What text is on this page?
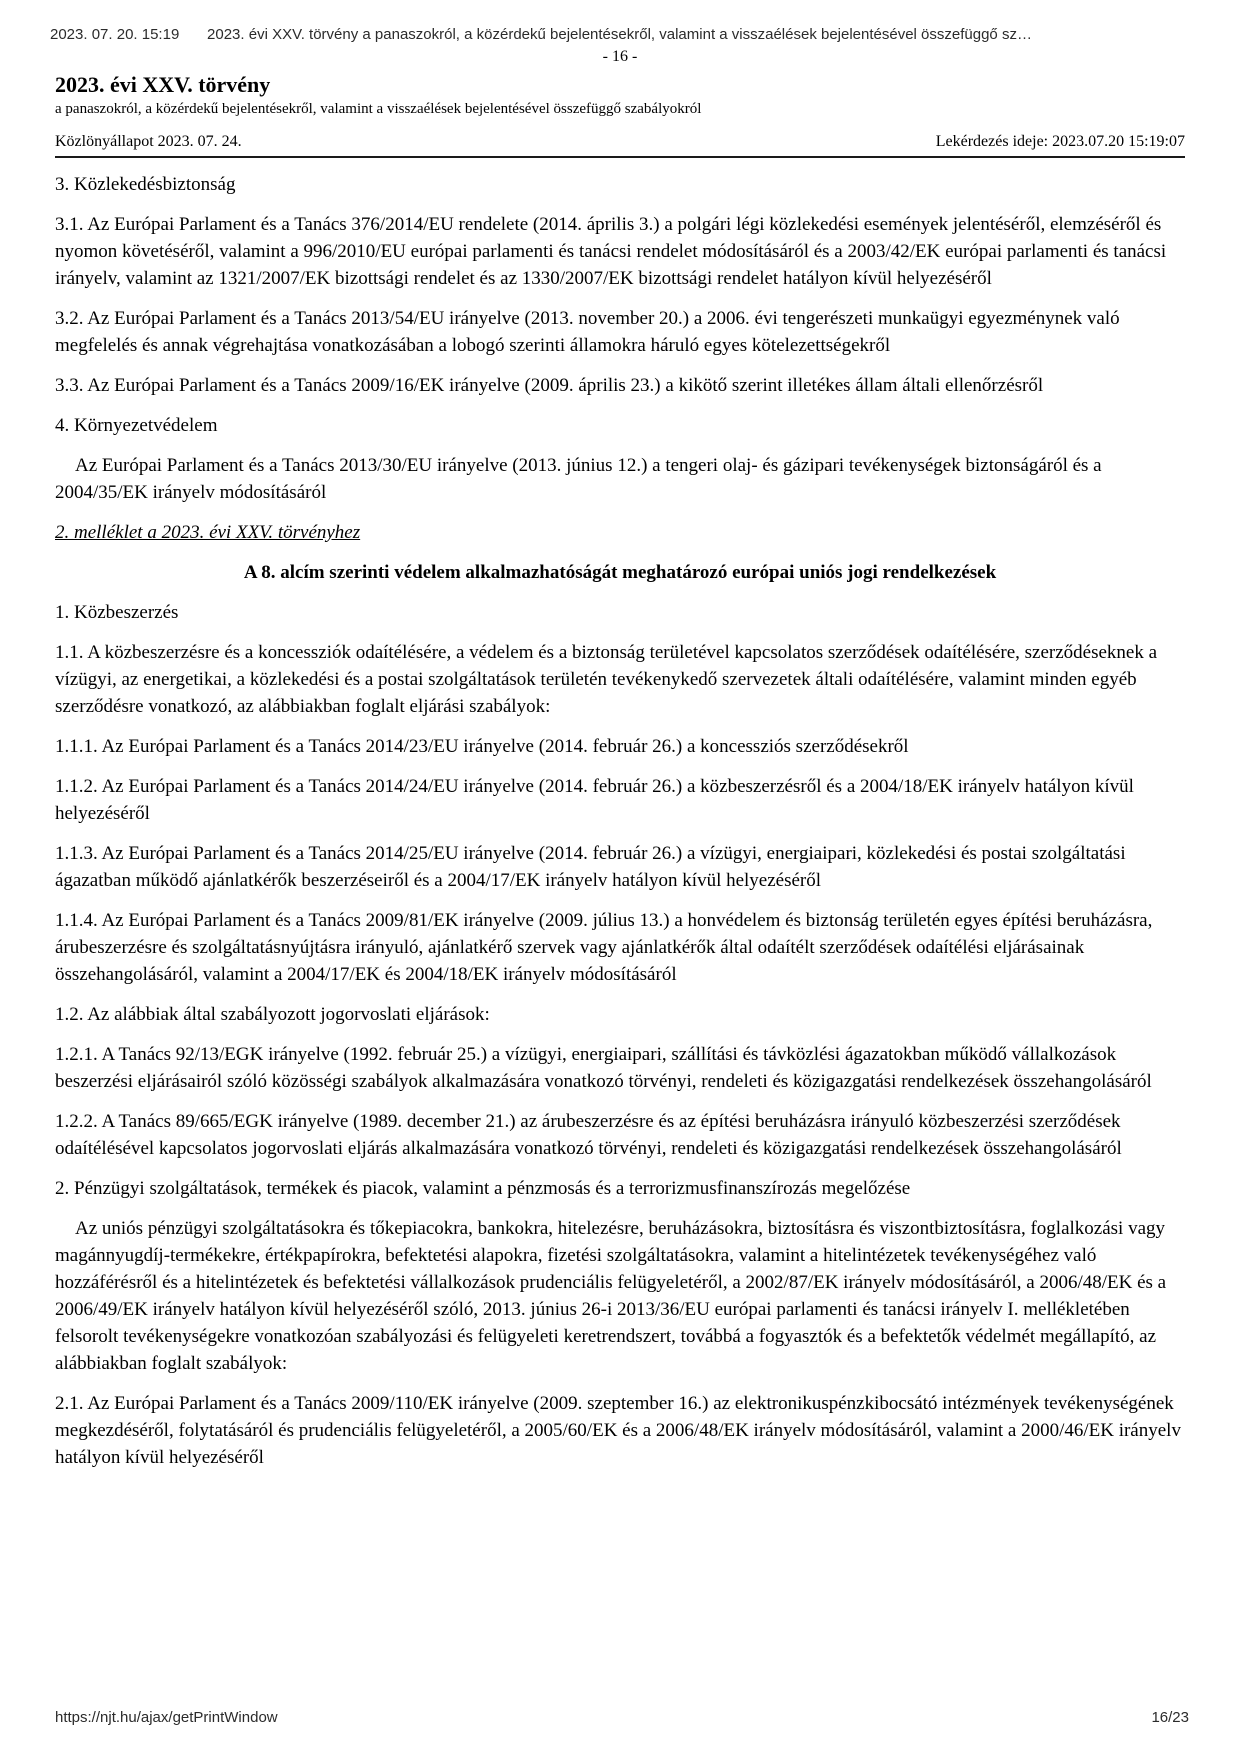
2023. évi XXV. törvény a panaszokról, a közérdekű bejelentésekről, valamint a visszaélések bejelentésével összefüggő sz…
2023. 07. 20. 15:19
- 16 -
2023. évi XXV. törvény
a panaszokról, a közérdekű bejelentésekről, valamint a visszaélések bejelentésével összefüggő szabályokról
Közlönyállapot 2023. 07. 24.	Lekérdezés ideje: 2023.07.20 15:19:07

3. Közlekedésbiztonság

3.1. Az Európai Parlament és a Tanács 376/2014/EU rendelete (2014. április 3.) a polgári légi közlekedési események jelentéséről, elemzéséről és nyomon követéséről, valamint a 996/2010/EU európai parlamenti és tanácsi rendelet módosításáról és a 2003/42/EK európai parlamenti és tanácsi irányelv, valamint az 1321/2007/EK bizottsági rendelet és az 1330/2007/EK bizottsági rendelet hatályon kívül helyezéséről

3.2. Az Európai Parlament és a Tanács 2013/54/EU irányelve (2013. november 20.) a 2006. évi tengerészeti munkaügyi egyezménynek való megfelelés és annak végrehajtása vonatkozásában a lobogó szerinti államokra háruló egyes kötelezettségekről

3.3. Az Európai Parlament és a Tanács 2009/16/EK irányelve (2009. április 23.) a kikötő szerint illetékes állam általi ellenőrzésről

4. Környezetvédelem

Az Európai Parlament és a Tanács 2013/30/EU irányelve (2013. június 12.) a tengeri olaj- és gázipari tevékenységek biztonságáról és a 2004/35/EK irányelv módosításáról

2. melléklet a 2023. évi XXV. törvényhez

A 8. alcím szerinti védelem alkalmazhatóságát meghatározó európai uniós jogi rendelkezések

1. Közbeszerzés

1.1. A közbeszerzésre és a koncessziók odaítélésére, a védelem és a biztonság területével kapcsolatos szerződések odaítélésére, szerződéseknek a vízügyi, az energetikai, a közlekedési és a postai szolgáltatások területén tevékenykedő szervezetek általi odaítélésére, valamint minden egyéb szerződésre vonatkozó, az alábbiakban foglalt eljárási szabályok:

1.1.1. Az Európai Parlament és a Tanács 2014/23/EU irányelve (2014. február 26.) a koncessziós szerződésekről

1.1.2. Az Európai Parlament és a Tanács 2014/24/EU irányelve (2014. február 26.) a közbeszerzésről és a 2004/18/EK irányelv hatályon kívül helyezéséről

1.1.3. Az Európai Parlament és a Tanács 2014/25/EU irányelve (2014. február 26.) a vízügyi, energiaipari, közlekedési és postai szolgáltatási ágazatban működő ajánlatkérők beszerzéseiről és a 2004/17/EK irányelv hatályon kívül helyezéséről

1.1.4. Az Európai Parlament és a Tanács 2009/81/EK irányelve (2009. július 13.) a honvédelem és biztonság területén egyes építési beruházásra, árubeszerzésre és szolgáltatásnyújtásra irányuló, ajánlatkérő szervek vagy ajánlatkérők által odaítélt szerződések odaítélési eljárásainak összehangolásáról, valamint a 2004/17/EK és 2004/18/EK irányelv módosításáról

1.2. Az alábbiak által szabályozott jogorvoslati eljárások:

1.2.1. A Tanács 92/13/EGK irányelve (1992. február 25.) a vízügyi, energiaipari, szállítási és távközlési ágazatokban működő vállalkozások beszerzési eljárásairól szóló közösségi szabályok alkalmazására vonatkozó törvényi, rendeleti és közigazgatási rendelkezések összehangolásáról

1.2.2. A Tanács 89/665/EGK irányelve (1989. december 21.) az árubeszerzésre és az építési beruházásra irányuló közbeszerzési szerződések odaítélésével kapcsolatos jogorvoslati eljárás alkalmazására vonatkozó törvényi, rendeleti és közigazgatási rendelkezések összehangolásáról

2. Pénzügyi szolgáltatások, termékek és piacok, valamint a pénzmosás és a terrorizmusfinanszírozás megelőzése

Az uniós pénzügyi szolgáltatásokra és tőkepiacokra, bankokra, hitelezésre, beruházásokra, biztosításra és viszontbiztosításra, foglalkozási vagy magánnyugdíj-termékekre, értékpapírokra, befektetési alapokra, fizetési szolgáltatásokra, valamint a hitelintézetek tevékenységéhez való hozzáférésről és a hitelintézetek és befektetési vállalkozások prudenciális felügyeletéről, a 2002/87/EK irányelv módosításáról, a 2006/48/EK és a 2006/49/EK irányelv hatályon kívül helyezéséről szóló, 2013. június 26-i 2013/36/EU európai parlamenti és tanácsi irányelv I. mellékletében felsorolt tevékenységekre vonatkozóan szabályozási és felügyeleti keretrendszert, továbbá a fogyasztók és a befektetők védelmét megállapító, az alábbiakban foglalt szabályok:

2.1. Az Európai Parlament és a Tanács 2009/110/EK irányelve (2009. szeptember 16.) az elektronikuspénzkibocsátó intézmények tevékenységének megkezdéséről, folytatásáról és prudenciális felügyeletéről, a 2005/60/EK és a 2006/48/EK irányelv módosításáról, valamint a 2000/46/EK irányelv hatályon kívül helyezéséről

https://njt.hu/ajax/getPrintWindow	16/23
